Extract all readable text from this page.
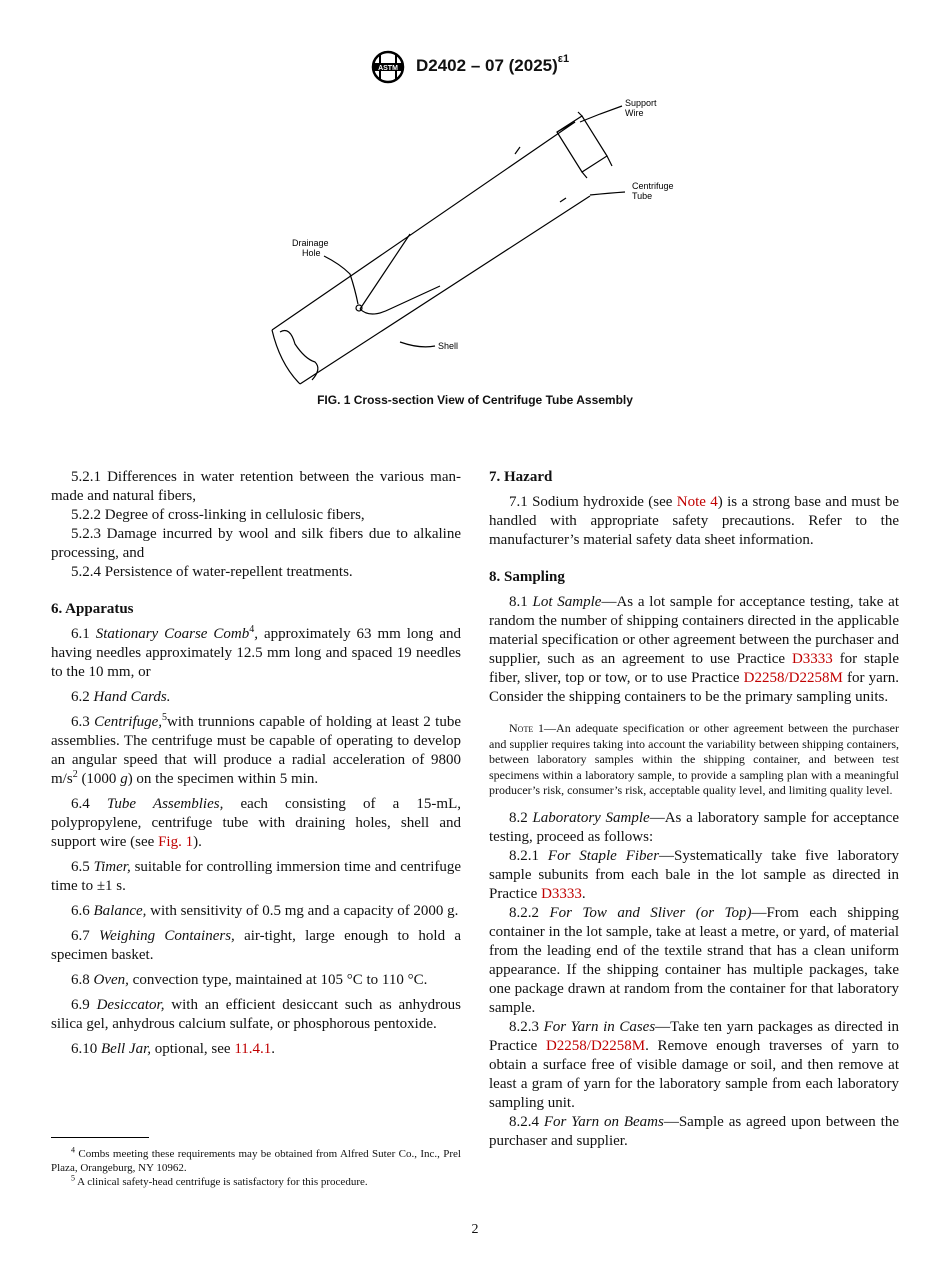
ASTM D2402 – 07 $(2025)^{\varepsilon 1}$
Support
Wire
Centrifuge
Tube
Drainage
Hole
Shell
FIG. 1 Cross-section View of Centrifuge Tube Assembly

5.2.1 Differences in water retention between the various man-made and natural fibers,

5.2.2 Degree of cross-linking in cellulosic fibers,

5.2.3 Damage incurred by wool and silk fibers due to alkaline processing, and

5.2.4 Persistence of water-repellent treatments.

6. Apparatus

6.1 Stationary Coarse Comb$^4$, approximately 63 mm long and having needles approximately 12.5 mm long and spaced 19 needles to the 10 mm, or

6.2 Hand Cards.

6.3 Centrifuge,$^5$with trunnions capable of holding at least 2 tube assemblies. The centrifuge must be capable of operating to develop an angular speed that will produce a radial acceleration of 9800 $m/s^2$ (1000 g) on the specimen within 5 min.

6.4 Tube Assemblies, each consisting of a 15-mL, polypropylene, centrifuge tube with draining holes, shell and support wire (see Fig. 1).

6.5 Timer, suitable for controlling immersion time and centrifuge time to ±1 s.

6.6 Balance, with sensitivity of 0.5 mg and a capacity of 2000 g.

6.7 Weighing Containers, air-tight, large enough to hold a specimen basket.

6.8 Oven, convection type, maintained at 105 °C to 110 °C.

6.9 Desiccator, with an efficient desiccant such as anhydrous silica gel, anhydrous calcium sulfate, or phosphorous pentoxide.

6.10 Bell Jar, optional, see 11.4.1.

$^4$ Combs meeting these requirements may be obtained from Alfred Suter Co., Inc., Prel Plaza, Orangeburg, NY 10962.

$^5$ A clinical safety-head centrifuge is satisfactory for this procedure.

7. Hazard

7.1 Sodium hydroxide (see Note 4) is a strong base and must be handled with appropriate safety precautions. Refer to the manufacturer’s material safety data sheet information.

8. Sampling

8.1 Lot Sample—As a lot sample for acceptance testing, take at random the number of shipping containers directed in the applicable material specification or other agreement between the purchaser and supplier, such as an agreement to use Practice D3333 for staple fiber, sliver, top or tow, or to use Practice D2258/D2258M for yarn. Consider the shipping containers to be the primary sampling units.

Note 1—An adequate specification or other agreement between the purchaser and supplier requires taking into account the variability between shipping containers, between laboratory samples within the shipping container, and between test specimens within a laboratory sample, to provide a sampling plan with a meaningful producer’s risk, consumer’s risk, acceptable quality level, and limiting quality level.

8.2 Laboratory Sample—As a laboratory sample for acceptance testing, proceed as follows:

8.2.1 For Staple Fiber—Systematically take five laboratory sample subunits from each bale in the lot sample as directed in Practice D3333.

8.2.2 For Tow and Sliver (or Top)—From each shipping container in the lot sample, take at least a metre, or yard, of material from the leading end of the textile strand that has a clean uniform appearance. If the shipping container has multiple packages, take one package drawn at random from the container for that laboratory sample.

8.2.3 For Yarn in Cases—Take ten yarn packages as directed in Practice D2258/D2258M. Remove enough traverses of yarn to obtain a surface free of visible damage or soil, and then remove at least a gram of yarn for the laboratory sample from each laboratory sampling unit.

8.2.4 For Yarn on Beams—Sample as agreed upon between the purchaser and supplier.

2
